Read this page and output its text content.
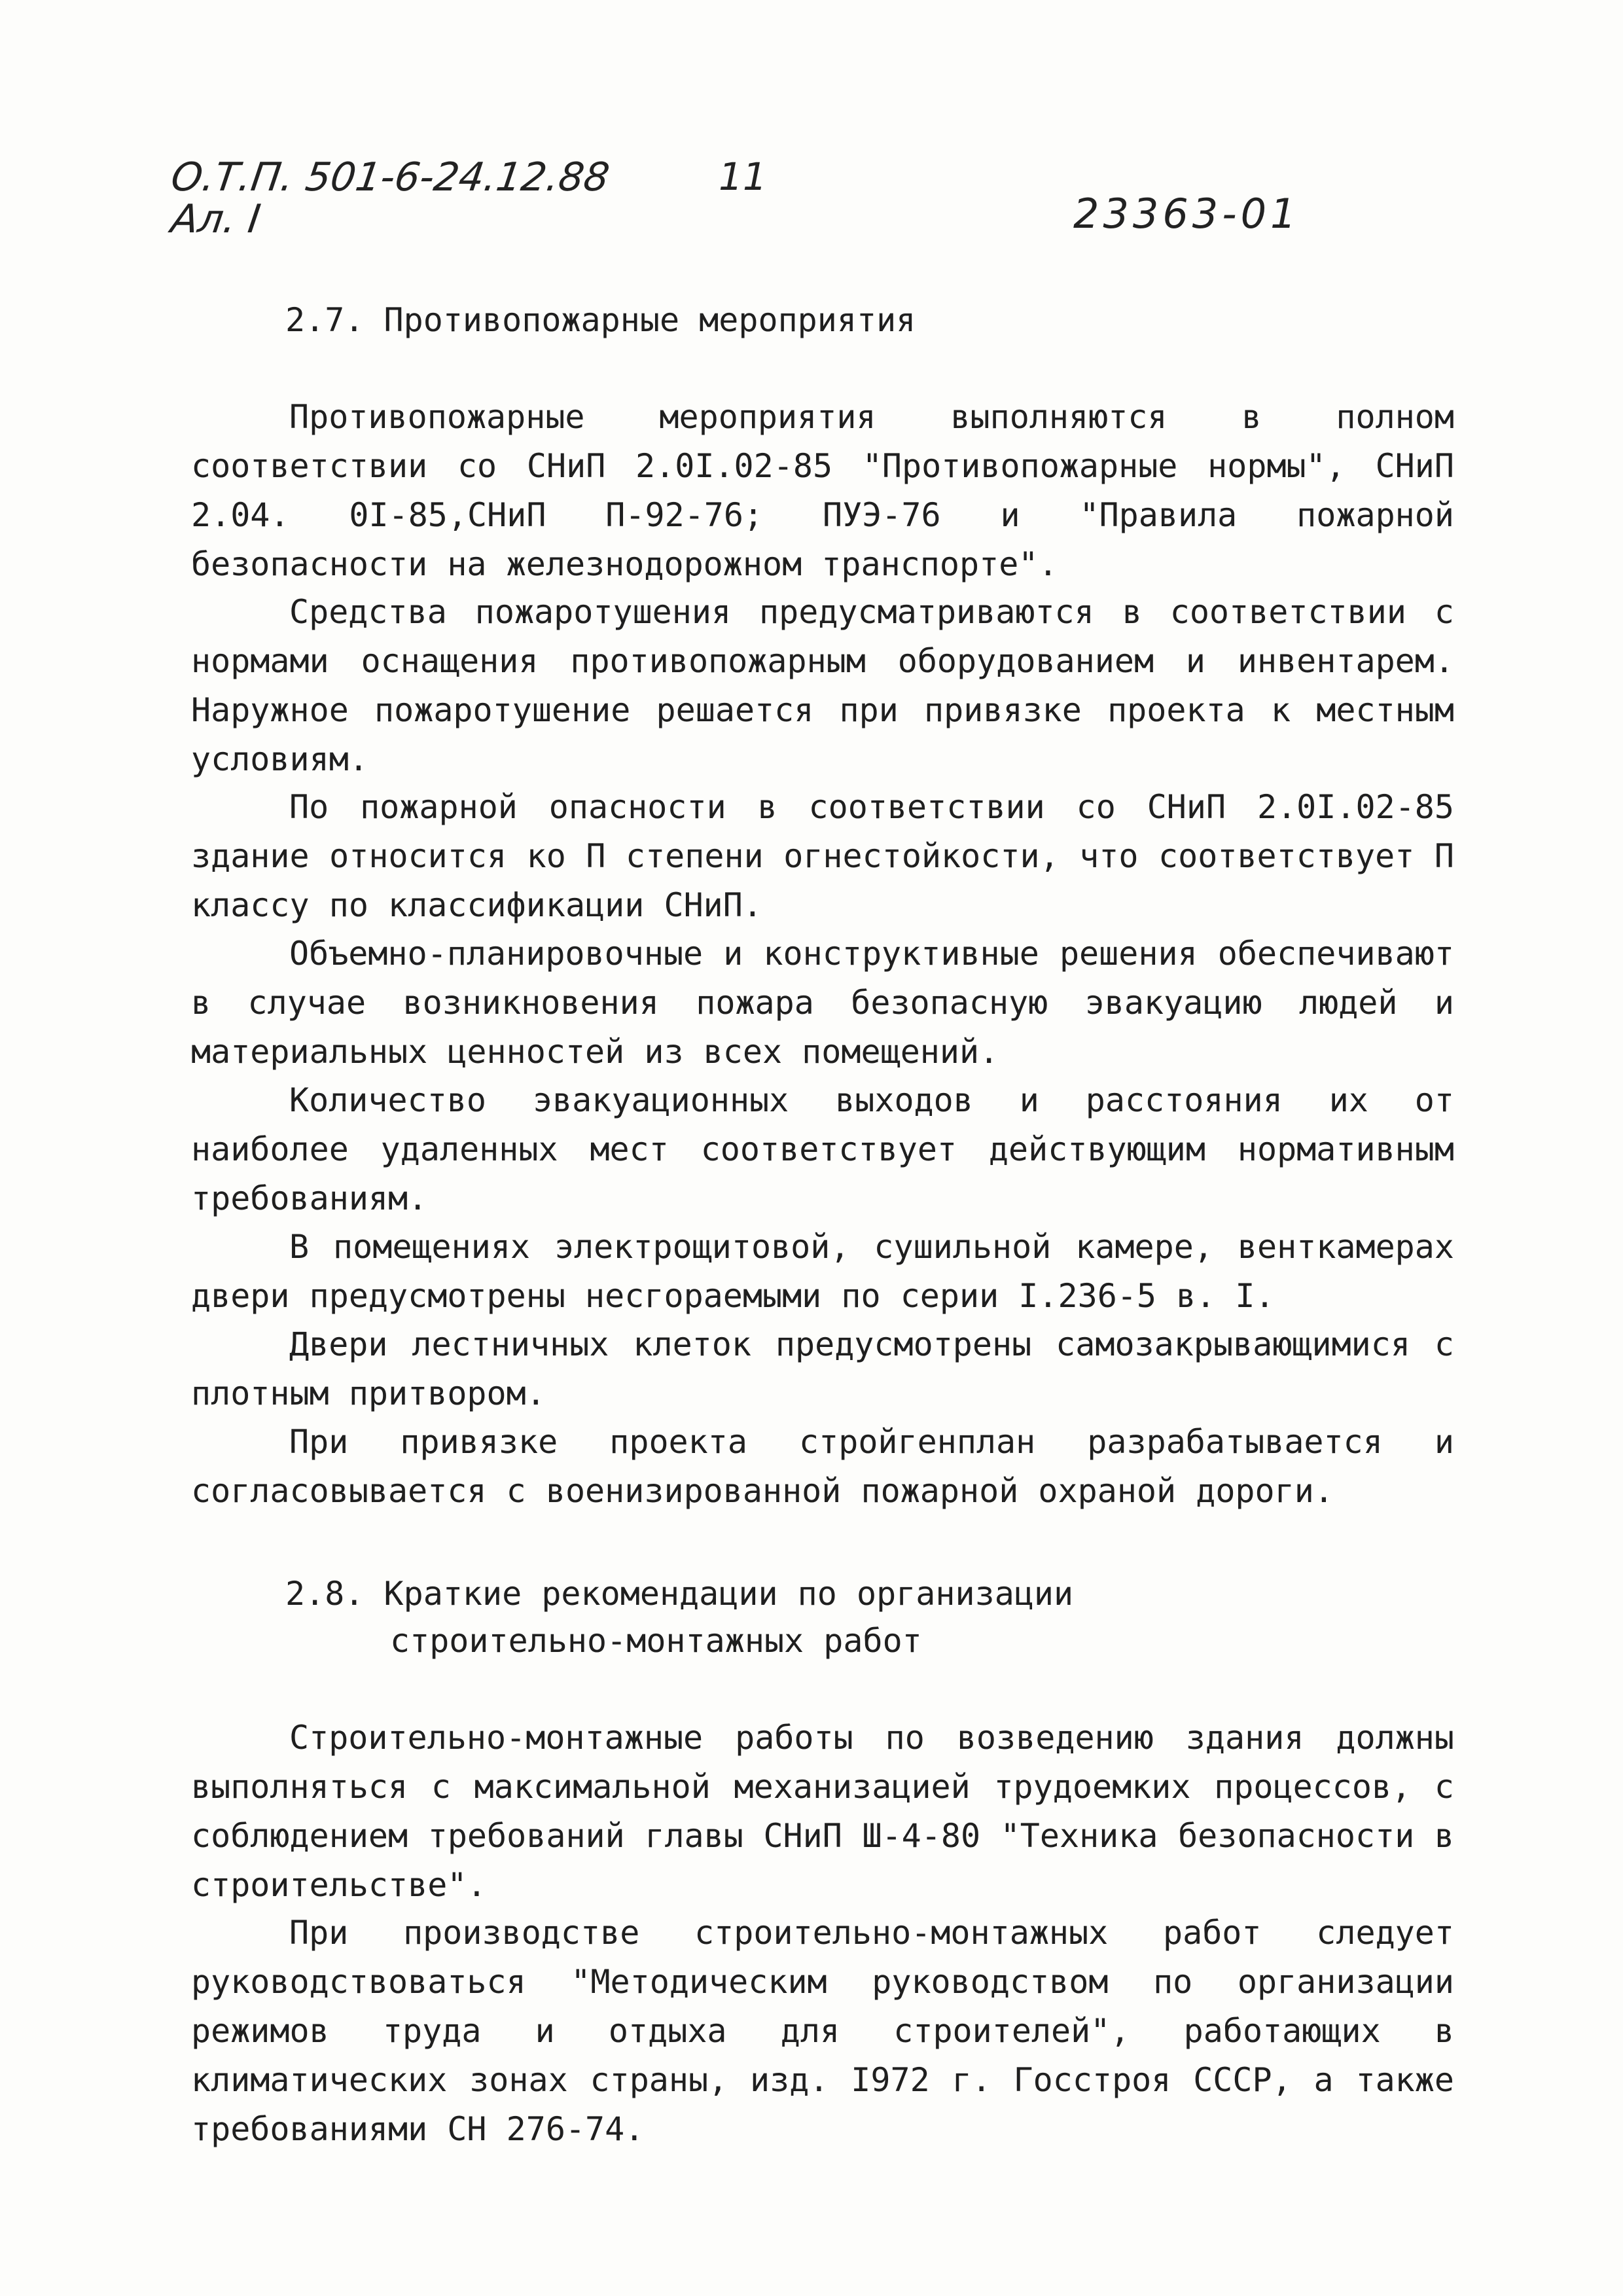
О.Т.П. 501-6-24.12.88
Ал. I
11
23363-01
2.7. Противопожарные мероприятия

Противопожарные мероприятия выполняются в полном соответствии со СНиП 2.0I.02-85 "Противопожарные нормы", СНиП 2.04. 0I-85,СНиП П-92-76; ПУЭ-76 и "Правила пожарной безопасности на железнодорожном транспорте".

Средства пожаротушения предусматриваются в соответствии с нормами оснащения противопожарным оборудованием и инвентарем. Наружное пожаротушение решается при привязке проекта к местным условиям.

По пожарной опасности в соответствии со СНиП 2.0I.02-85 здание относится ко П степени огнестойкости, что соответствует П классу по классификации СНиП.

Объемно-планировочные и конструктивные решения обеспечивают в случае возникновения пожара безопасную эвакуацию людей и материальных ценностей из всех помещений.

Количество эвакуационных выходов и расстояния их от наиболее удаленных мест соответствует действующим нормативным требованиям.

В помещениях электрощитовой, сушильной камере, венткамерах двери предусмотрены несгораемыми по серии I.236-5 в. I.

Двери лестничных клеток предусмотрены самозакрывающимися с плотным притвором.

При привязке проекта стройгенплан разрабатывается и согласовывается с военизированной пожарной охраной дороги.

2.8. Краткие рекомендации по организации
строительно-монтажных работ

Строительно-монтажные работы по возведению здания должны выполняться с максимальной механизацией трудоемких процессов, с соблюдением требований главы СНиП Ш-4-80 "Техника безопасности в строительстве".

При производстве строительно-монтажных работ следует руководствоваться "Методическим руководством по организации режимов труда и отдыха для строителей", работающих в климатических зонах страны, изд. I972 г. Госстроя СССР, а также требованиями СН 276-74.
